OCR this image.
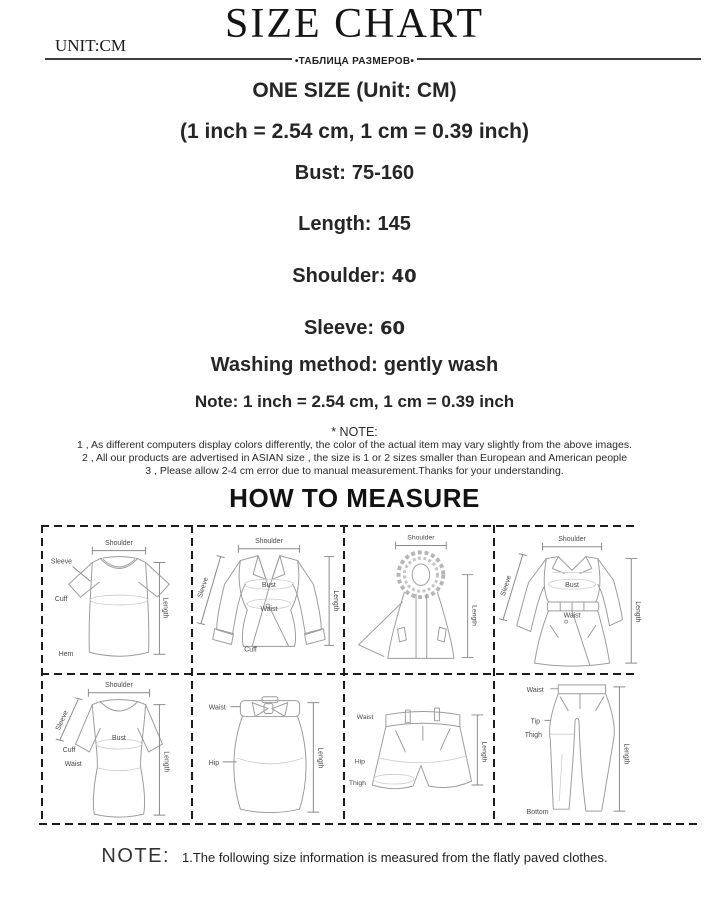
SIZE CHART
UNIT:CM
•ТАБЛИЦА РАЗМЕРОВ•
ONE SIZE (Unit: CM)
(1 inch = 2.54 cm, 1 cm = 0.39 inch)
Bust: 75-160
Length: 145
Shoulder: 40
Sleeve: 60
Washing method: gently wash
Note: 1 inch = 2.54 cm, 1 cm = 0.39 inch
* NOTE:
1 , As different computers display colors differently, the color of the actual item may vary slightly from the above images.
2 , All our products are advertised in ASIAN size , the size is 1 or 2 sizes smaller than European and American people
3 , Please allow 2-4 cm error due to manual measurement.Thanks for your understanding.
HOW TO MEASURE
Shoulder
Sleeve
Cuff
Hem
Length
Shoulder
Sleeve	Bust
Waist
Cuff
Length
Shoulder
Length
Shoulder
Sleeve	Bust
Waist	Length
Shoulder
Sleeve
Bust
Cuff
Waist	Length
Waist
Hip	Length
Waist
Hip
Thigh
Length
Waist
Tip
Thigh
Bottom
Length
NOTE: 1.The following size information is measured from the flatly paved clothes.
